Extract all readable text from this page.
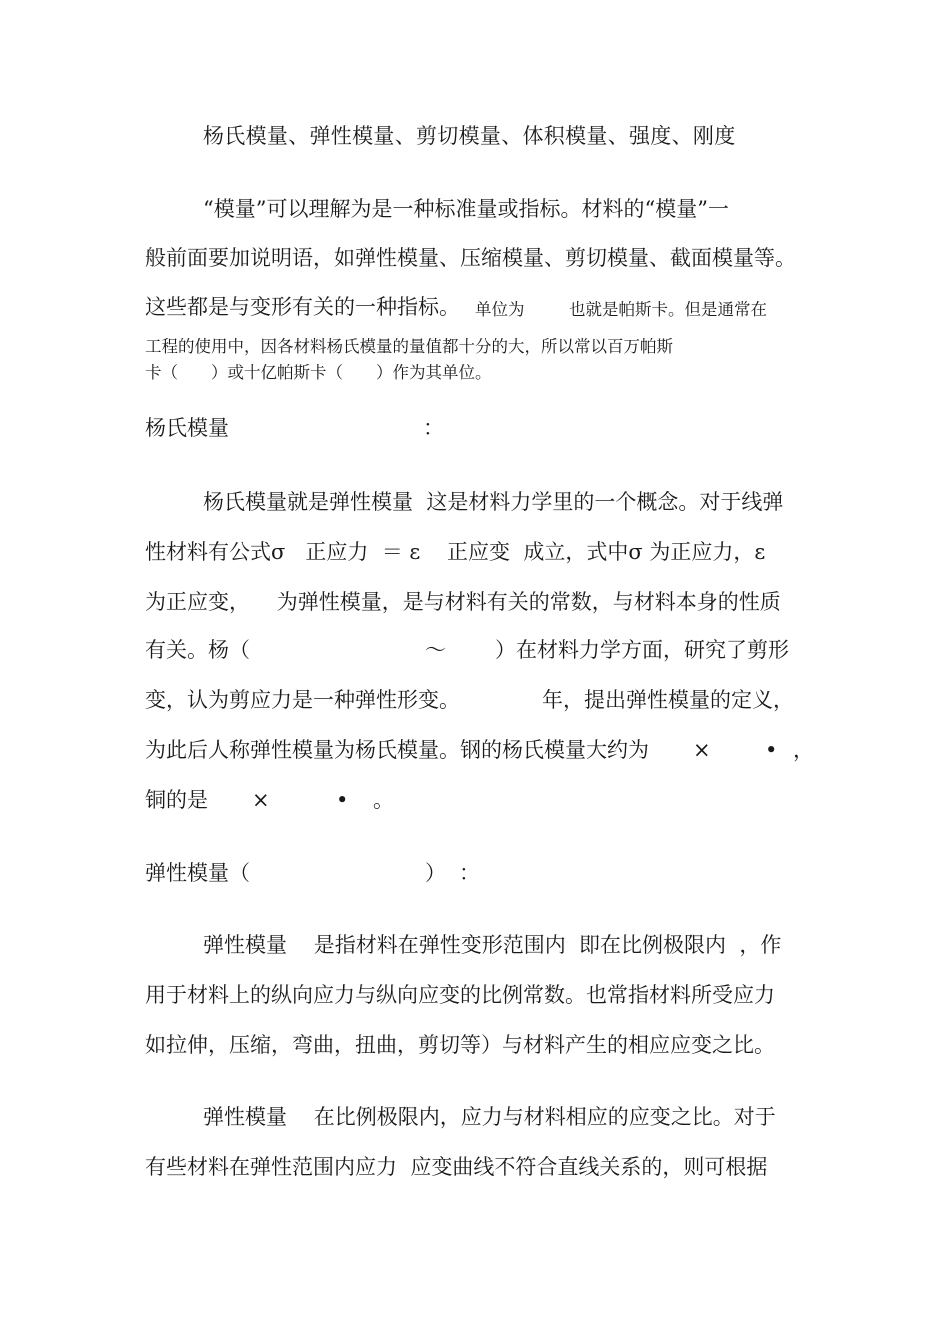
杨氏模量、弹性模量、剪切模量、体积模量、强度、刚度
“模量”可以理解为是一种标准量或指标。材料的“模量”一
般前面要加说明语，如弹性模量、压缩模量、剪切模量、截面模量等。
这些都是与变形有关的一种指标。 单位为	也就是帕斯卡。但是通常在
工程的使用中，因各材料杨氏模量的量值都十分的大，所以常以百万帕斯
卡（　　）或十亿帕斯卡（　　）作为其单位。
杨氏模量	：
杨氏模量就是弹性模量  这是材料力学里的一个概念。对于线弹
性材料有公式σ   正应力  ＝ ε    正应变  成立，式中σ 为正应力，ε
为正应变，    为弹性模量，是与材料有关的常数，与材料本身的性质
有关。杨（	～ ）在材料力学方面，研究了剪形
变，认为剪应力是一种弹性形变。	年，提出弹性模量的定义，
为此后人称弹性模量为杨氏模量。钢的杨氏模量大约为 ×	• ，
铜的是 ×	• 。
弹性模量（	） ：
弹性模量    是指材料在弹性变形范围内  即在比例极限内  ，作
用于材料上的纵向应力与纵向应变的比例常数。也常指材料所受应力
如拉伸，压缩，弯曲，扭曲，剪切等）与材料产生的相应应变之比。
弹性模量    在比例极限内，应力与材料相应的应变之比。对于
有些材料在弹性范围内应力  应变曲线不符合直线关系的，则可根据
